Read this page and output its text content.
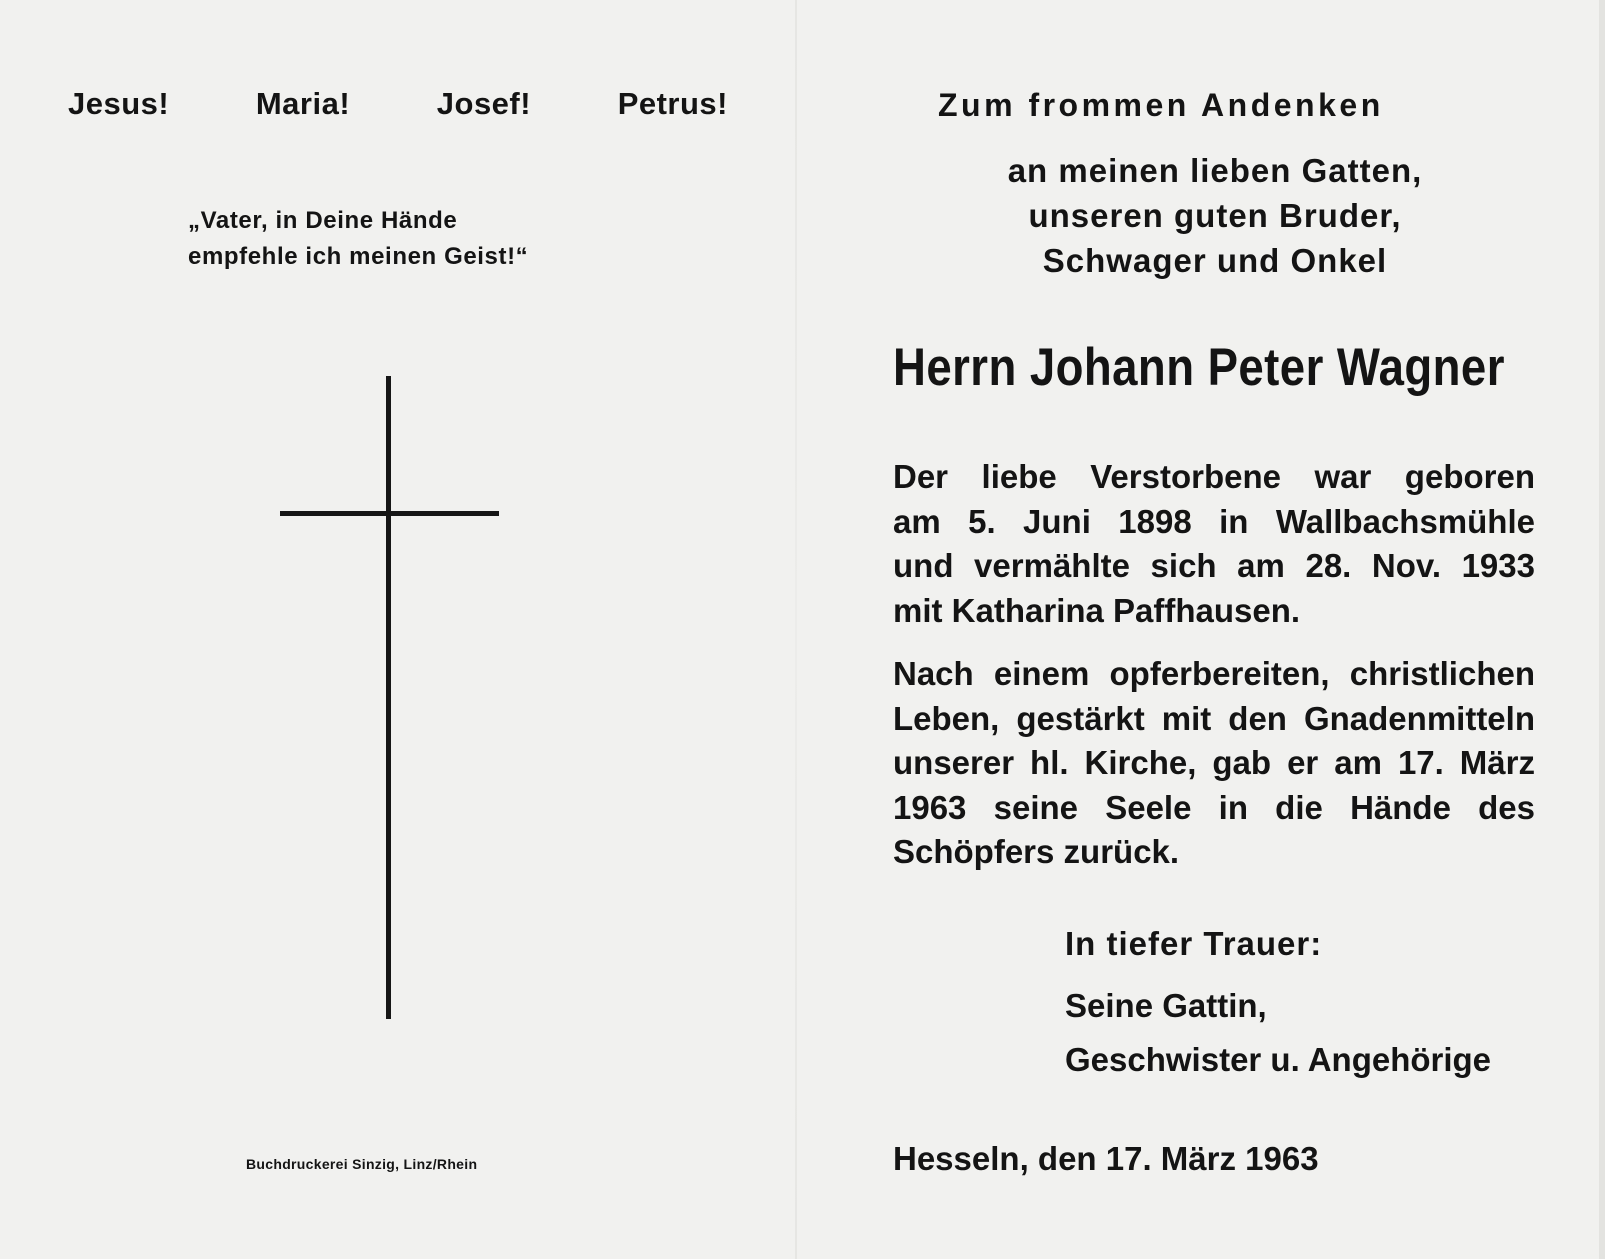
Jesus!	Maria!	Josef!	Petrus!
„Vater, in Deine Hände
empfehle ich meinen Geist!“
Buchdruckerei Sinzig, Linz/Rhein
Zum frommen Andenken
an meinen lieben Gatten,
unseren guten Bruder,
Schwager und Onkel
Herrn Johann Peter Wagner
Der liebe Verstorbene war geboren
am 5. Juni 1898 in Wallbachsmühle
und vermählte sich am 28. Nov. 1933
mit Katharina Paffhausen.
Nach einem opferbereiten, christlichen
Leben, gestärkt mit den Gnadenmitteln
unserer hl. Kirche, gab er am 17. März
1963 seine Seele in die Hände des
Schöpfers zurück.
In tiefer Trauer:
Seine Gattin,
Geschwister u. Angehörige
Hesseln, den 17. März 1963
